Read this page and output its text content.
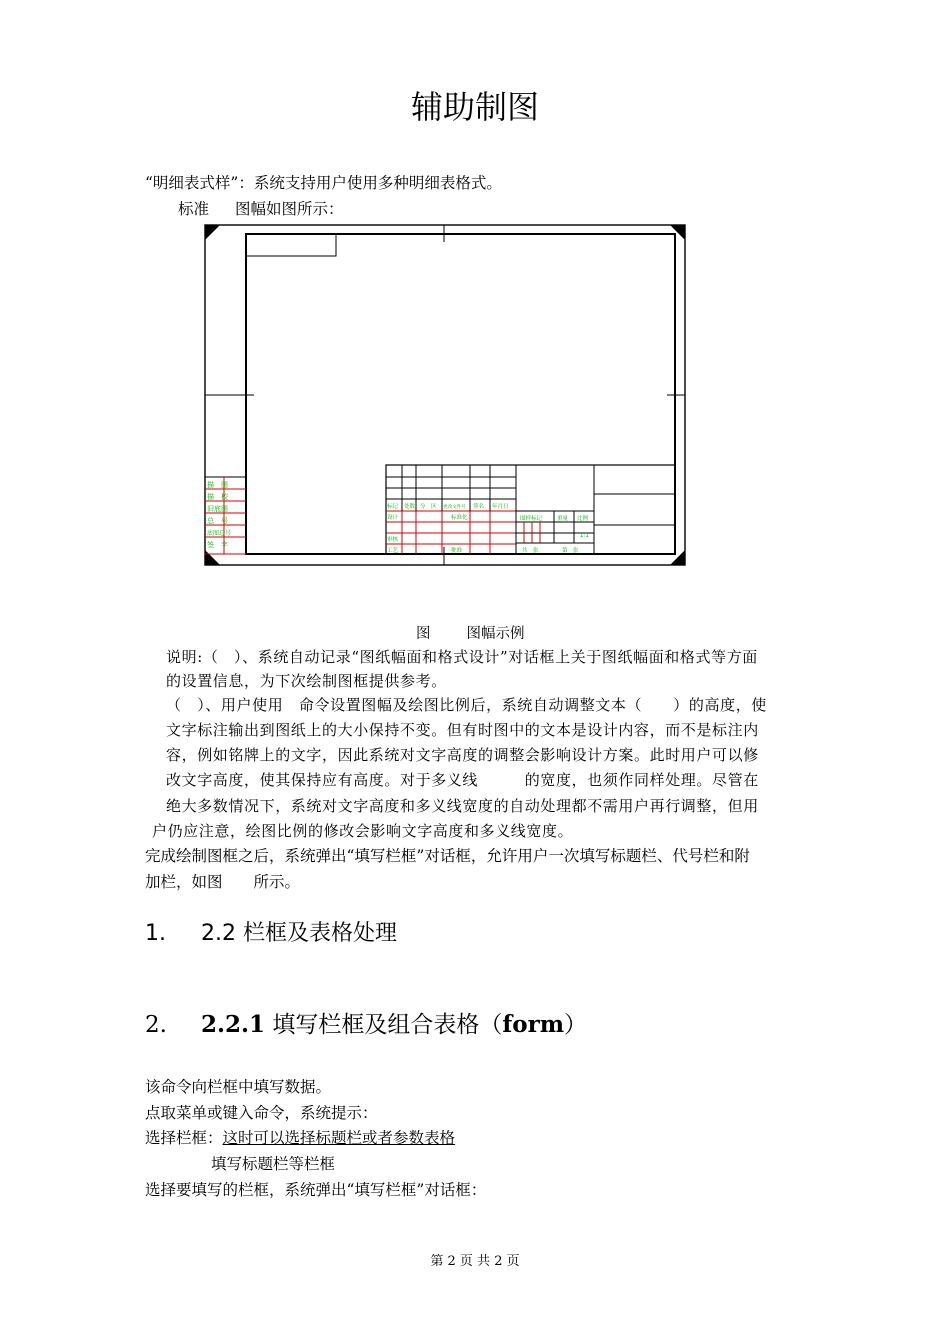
辅助制图
“明细表式样”：系统支持用户使用多种明细表格式。
标准 图幅如图所示：
描　图
描　校
旧底图
总　号
底图总号
签　字
标记 处数 分　区 更改文件号 签名 年月日
标准化
设计
审核
工艺	批准
图样标记	重量 比例
1:1
共　张	第　张
图 图幅示例
说明:（　）、系统自动记录“图纸幅面和格式设计”对话框上关于图纸幅面和格式等方面
的设置信息，为下次绘制图框提供参考。
（　）、用户使用　命令设置图幅及绘图比例后，系统自动调整文本（　　）的高度，使
文字标注输出到图纸上的大小保持不变。但有时图中的文本是设计内容，而不是标注内
容，例如铭牌上的文字，因此系统对文字高度的调整会影响设计方案。此时用户可以修
改文字高度，使其保持应有高度。对于多义线　　　的宽度，也须作同样处理。尽管在
绝大多数情况下，系统对文字高度和多义线宽度的自动处理都不需用户再行调整，但用
户仍应注意，绘图比例的修改会影响文字高度和多义线宽度。
完成绘制图框之后，系统弹出“填写栏框”对话框，允许用户一次填写标题栏、代号栏和附
加栏，如图　　所示。
1. 2.2 栏框及表格处理
2. 2.2.1 填写栏框及组合表格（form）
该命令向栏框中填写数据。
点取菜单或键入命令，系统提示：
选择栏框：这时可以选择标题栏或者参数表格
填写标题栏等栏框
选择要填写的栏框，系统弹出“填写栏框”对话框：
第 2 页 共 2 页
